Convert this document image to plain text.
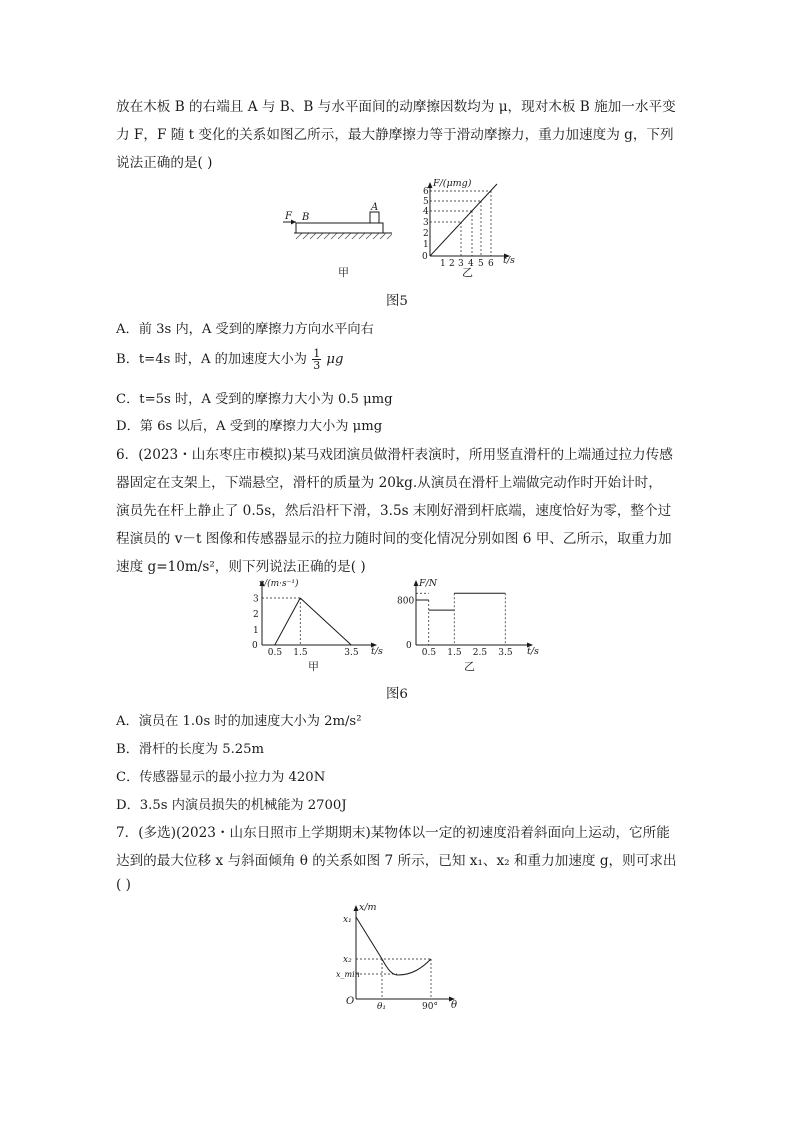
放在木板 B 的右端且 A 与 B、B 与水平面间的动摩擦因数均为 μ，现对木板 B 施加一水平变
力 F，F 随 t 变化的关系如图乙所示，最大静摩擦力等于滑动摩擦力，重力加速度为 g，下列
说法正确的是( )
F B
A
甲
F/(μmg)
t/s
0
1
2
3
4
5
6
1 2 3 4 5 6
乙
图5
A．前 3s 内，A 受到的摩擦力方向水平向右
B．t=4s 时，A 的加速度大小为 $\frac{1}{3}$ μg
C．t=5s 时，A 受到的摩擦力大小为 0.5 μmg
D．第 6s 以后，A 受到的摩擦力大小为 μmg
6．(2023・山东枣庄市模拟)某马戏团演员做滑杆表演时，所用竖直滑杆的上端通过拉力传感
器固定在支架上，下端悬空，滑杆的质量为 20kg.从演员在滑杆上端做完动作时开始计时，
演员先在杆上静止了 0.5s，然后沿杆下滑，3.5s 末刚好滑到杆底端，速度恰好为零，整个过
程演员的 v－t 图像和传感器显示的拉力随时间的变化情况分别如图 6 甲、乙所示，取重力加
速度 g=10m/s²，则下列说法正确的是( )
v/(m·s⁻¹)
t/s
0
1
2
3
0.5 1.5	3.5
甲
F/N
t/s
0
0.5 1.5 2.5 3.5
800
乙
图6
A．演员在 1.0s 时的加速度大小为 2m/s²
B．滑杆的长度为 5.25m
C．传感器显示的最小拉力为 420N
D．3.5s 内演员损失的机械能为 2700J
7．(多选)(2023・山东日照市上学期期末)某物体以一定的初速度沿着斜面向上运动，它所能
达到的最大位移 x 与斜面倾角 θ 的关系如图 7 所示，已知 x₁、x₂ 和重力加速度 g，则可求出
( )
x/m
θ
O
x₁
x₂
x_min
θ₁	90°
